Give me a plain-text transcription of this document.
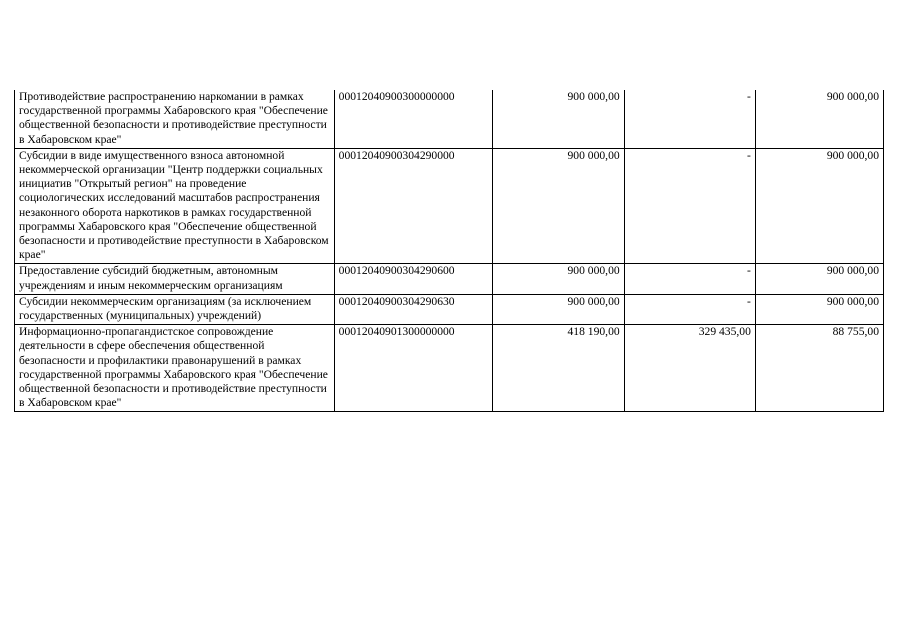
Противодействие распространению наркомании в рамках государственной программы Хабаровского края "Обеспечение общественной безопасности и противодействие преступности в Хабаровском крае"	00012040900300000000	900 000,00	-	900 000,00
Субсидии в виде имущественного взноса автономной некоммерческой организации "Центр поддержки социальных инициатив "Открытый регион" на проведение социологических исследований масштабов распространения незаконного оборота наркотиков в рамках государственной программы Хабаровского края "Обеспечение общественной безопасности и противодействие преступности в Хабаровском крае"	00012040900304290000	900 000,00	-	900 000,00
Предоставление субсидий бюджетным, автономным учреждениям и иным некоммерческим организациям	00012040900304290600	900 000,00	-	900 000,00
Субсидии некоммерческим организациям (за исключением государственных (муниципальных) учреждений)	00012040900304290630	900 000,00	-	900 000,00
Информационно-пропагандистское сопровождение деятельности в сфере обеспечения общественной безопасности и профилактики правонарушений в рамках государственной программы Хабаровского края "Обеспечение общественной безопасности и противодействие преступности в Хабаровском крае"	00012040901300000000	418 190,00	329 435,00	88 755,00
